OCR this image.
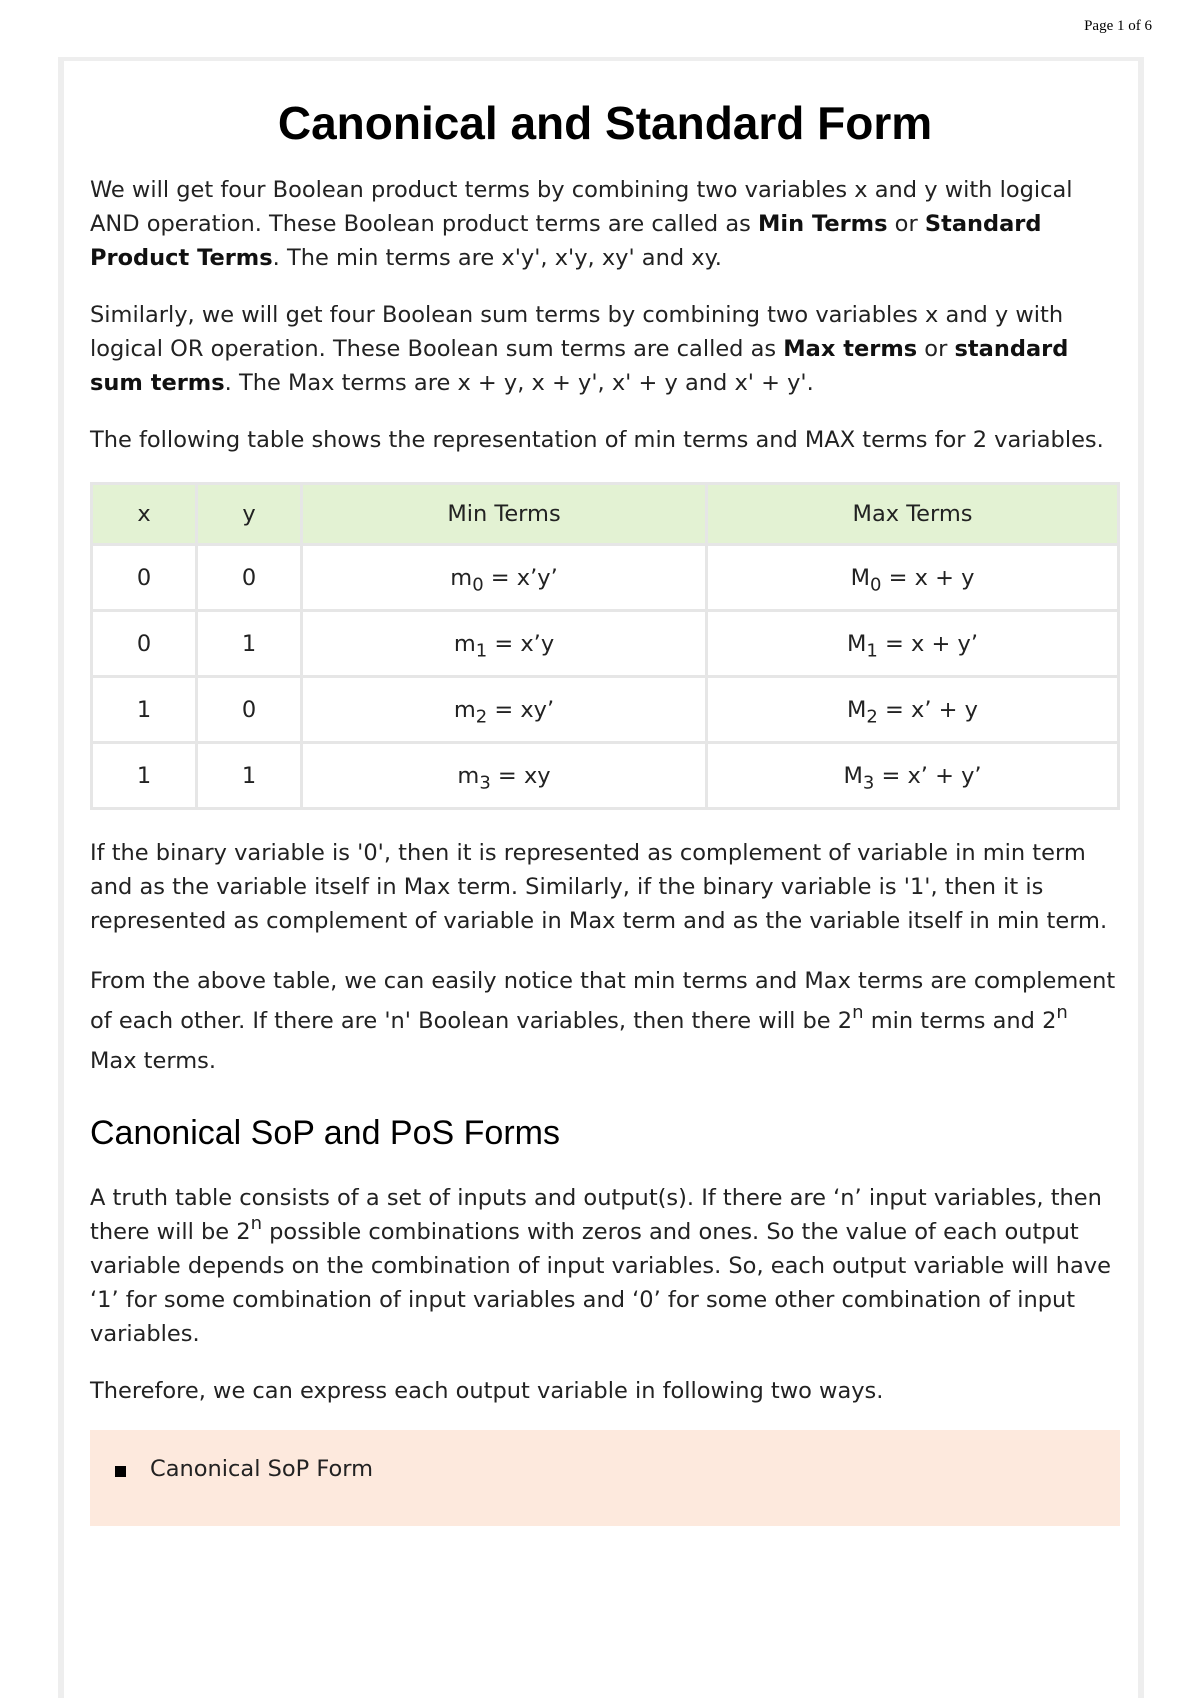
Page 1 of 6
Canonical and Standard Form

We will get four Boolean product terms by combining two variables x and y with logical AND operation. These Boolean product terms are called as Min Terms or Standard Product Terms. The min terms are x'y', x'y, xy' and xy.

Similarly, we will get four Boolean sum terms by combining two variables x and y with logical OR operation. These Boolean sum terms are called as Max terms or standard sum terms. The Max terms are x + y, x + y', x' + y and x' + y'.

The following table shows the representation of min terms and MAX terms for 2 variables.

x	y	Min Terms	Max Terms
0	0	$m_0$ = x’y’	$M_0 = x + y$
0	1	$m_1$ = x’y	$M_1 = x + y$’
1	0	$m_2$ = xy’	$M_2 = x$’ + y
1	1	$m_3$ = xy	$M_3 = x$’ + y’

If the binary variable is '0', then it is represented as complement of variable in min term and as the variable itself in Max term. Similarly, if the binary variable is '1', then it is represented as complement of variable in Max term and as the variable itself in min term.

From the above table, we can easily notice that min terms and Max terms are complement of each other. If there are 'n' Boolean variables, then there will be 2$^n$ min terms and 2$^n$ Max terms.

Canonical SoP and PoS Forms

A truth table consists of a set of inputs and output(s). If there are ‘n’ input variables, then there will be 2$^n$ possible combinations with zeros and ones. So the value of each output variable depends on the combination of input variables. So, each output variable will have ‘1’ for some combination of input variables and ‘0’ for some other combination of input variables.

Therefore, we can express each output variable in following two ways.

Canonical SoP Form
